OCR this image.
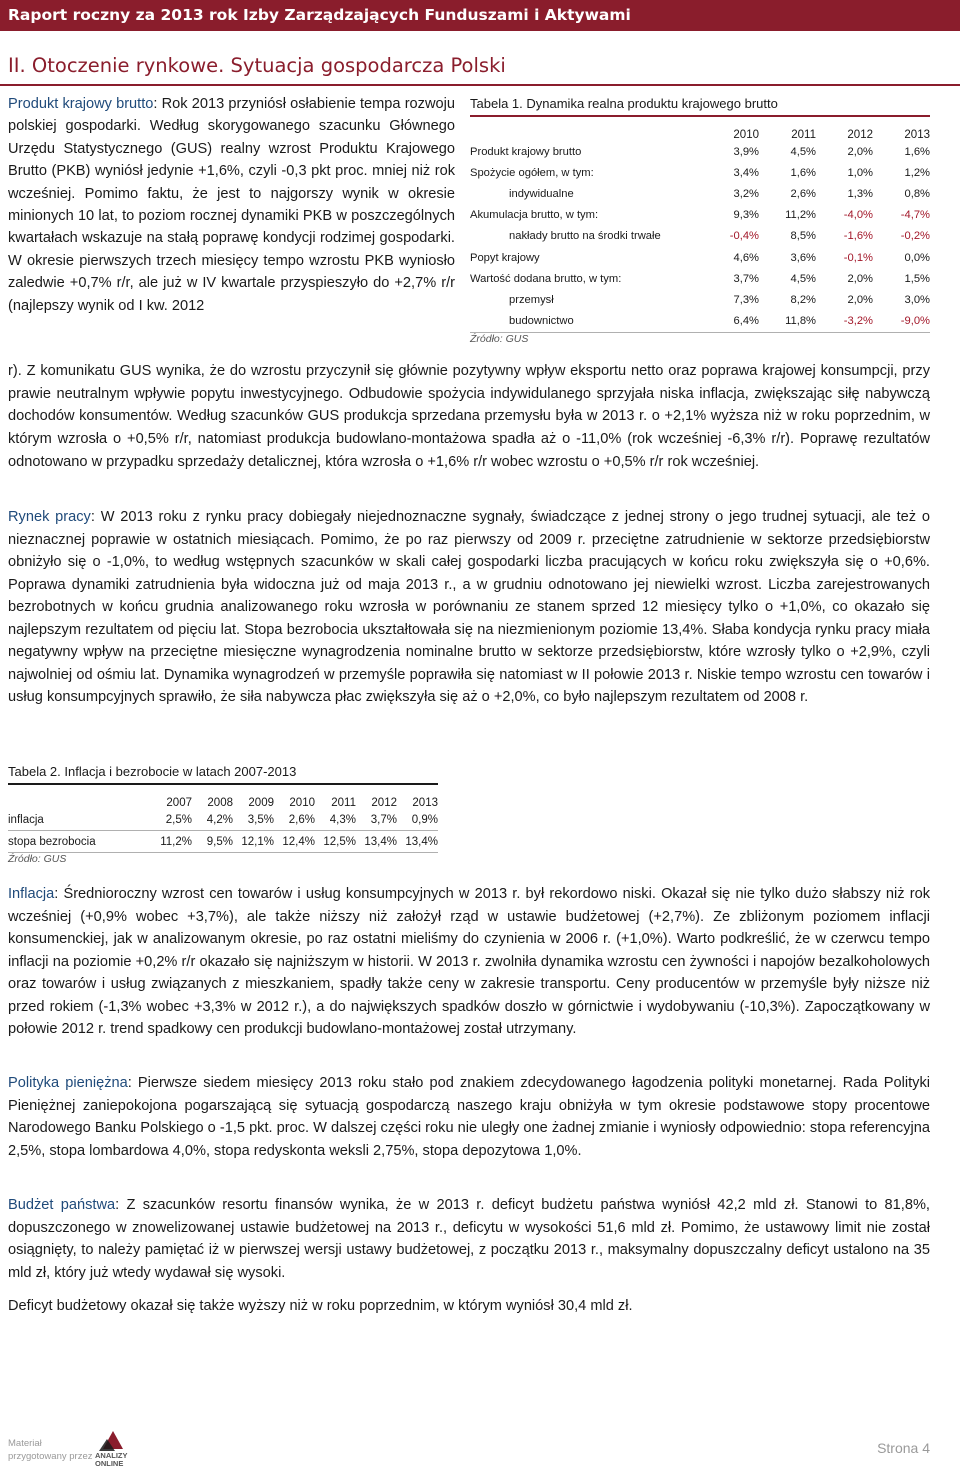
Raport roczny za 2013 rok Izby Zarządzających Funduszami i Aktywami
II. Otoczenie rynkowe. Sytuacja gospodarcza Polski

Produkt krajowy brutto: Rok 2013 przyniósł osłabienie tempa rozwoju polskiej gospodarki. Według skorygowanego szacunku Głównego Urzędu Statystycznego (GUS) realny wzrost Produktu Krajowego Brutto (PKB) wyniósł jedynie +1,6%, czyli -0,3 pkt proc. mniej niż rok wcześniej. Pomimo faktu, że jest to najgorszy wynik w okresie minionych 10 lat, to poziom rocznej dynamiki PKB w poszczególnych kwartałach wskazuje na stałą poprawę kondycji rodzimej gospodarki. W okresie pierwszych trzech miesięcy tempo wzrostu PKB wyniosło zaledwie +0,7% r/r, ale już w IV kwartale przyspieszyło do +2,7% r/r (najlepszy wynik od I kw. 2012

Tabela 1. Dynamika realna produktu krajowego brutto
2010	2011	2012	2013
Produkt krajowy brutto	3,9%	4,5%	2,0%	1,6%
Spożycie ogółem, w tym:	3,4%	1,6%	1,0%	1,2%
indywidualne	3,2%	2,6%	1,3%	0,8%
Akumulacja brutto, w tym:	9,3%	11,2%	-4,0%	-4,7%
nakłady brutto na środki trwałe	-0,4%	8,5%	-1,6%	-0,2%
Popyt krajowy	4,6%	3,6%	-0,1%	0,0%
Wartość dodana brutto, w tym:	3,7%	4,5%	2,0%	1,5%
przemysł	7,3%	8,2%	2,0%	3,0%
budownictwo	6,4%	11,8%	-3,2%	-9,0%
Źródło: GUS

r). Z komunikatu GUS wynika, że do wzrostu przyczynił się głównie pozytywny wpływ eksportu netto oraz poprawa krajowej konsumpcji, przy prawie neutralnym wpływie popytu inwestycyjnego. Odbudowie spożycia indywidulanego sprzyjała niska inflacja, zwiększając siłę nabywczą dochodów konsumentów. Według szacunków GUS produkcja sprzedana przemysłu była w 2013 r. o +2,1% wyższa niż w roku poprzednim, w którym wzrosła o +0,5% r/r, natomiast produkcja budowlano-montażowa spadła aż o -11,0% (rok wcześniej -6,3% r/r). Poprawę rezultatów odnotowano w przypadku sprzedaży detalicznej, która wzrosła o +1,6% r/r wobec wzrostu o +0,5% r/r rok wcześniej.

Rynek pracy: W 2013 roku z rynku pracy dobiegały niejednoznaczne sygnały, świadczące z jednej strony o jego trudnej sytuacji, ale też o nieznacznej poprawie w ostatnich miesiącach. Pomimo, że po raz pierwszy od 2009 r. przeciętne zatrudnienie w sektorze przedsiębiorstw obniżyło się o -1,0%, to według wstępnych szacunków w skali całej gospodarki liczba pracujących w końcu roku zwiększyła się o +0,6%. Poprawa dynamiki zatrudnienia była widoczna już od maja 2013 r., a w grudniu odnotowano jej niewielki wzrost. Liczba zarejestrowanych bezrobotnych w końcu grudnia analizowanego roku wzrosła w porównaniu ze stanem sprzed 12 miesięcy tylko o +1,0%, co okazało się najlepszym rezultatem od pięciu lat. Stopa bezrobocia ukształtowała się na niezmienionym poziomie 13,4%. Słaba kondycja rynku pracy miała negatywny wpływ na przeciętne miesięczne wynagrodzenia nominalne brutto w sektorze przedsiębiorstw, które wzrosły tylko o +2,9%, czyli najwolniej od ośmiu lat. Dynamika wynagrodzeń w przemyśle poprawiła się natomiast w II połowie 2013 r. Niskie tempo wzrostu cen towarów i usług konsumpcyjnych sprawiło, że siła nabywcza płac zwiększyła się aż o +2,0%, co było najlepszym rezultatem od 2008 r.

Tabela 2. Inflacja i bezrobocie w latach 2007-2013
2007	2008	2009	2010	2011	2012	2013
inflacja	2,5%	4,2%	3,5%	2,6%	4,3%	3,7%	0,9%
stopa bezrobocia	11,2%	9,5% 12,1% 12,4% 12,5% 13,4% 13,4%
Źródło: GUS

Inflacja: Średnioroczny wzrost cen towarów i usług konsumpcyjnych w 2013 r. był rekordowo niski. Okazał się nie tylko dużo słabszy niż rok wcześniej (+0,9% wobec +3,7%), ale także niższy niż założył rząd w ustawie budżetowej (+2,7%). Ze zbliżonym poziomem inflacji konsumenckiej, jak w analizowanym okresie, po raz ostatni mieliśmy do czynienia w 2006 r. (+1,0%). Warto podkreślić, że w czerwcu tempo inflacji na poziomie +0,2% r/r okazało się najniższym w historii. W 2013 r. zwolniła dynamika wzrostu cen żywności i napojów bezalkoholowych oraz towarów i usług związanych z mieszkaniem, spadły także ceny w zakresie transportu. Ceny producentów w przemyśle były niższe niż przed rokiem (-1,3% wobec +3,3% w 2012 r.), a do największych spadków doszło w górnictwie i wydobywaniu (-10,3%). Zapoczątkowany w połowie 2012 r. trend spadkowy cen produkcji budowlano-montażowej został utrzymany.

Polityka pieniężna: Pierwsze siedem miesięcy 2013 roku stało pod znakiem zdecydowanego łagodzenia polityki monetarnej. Rada Polityki Pieniężnej zaniepokojona pogarszającą się sytuacją gospodarczą naszego kraju obniżyła w tym okresie podstawowe stopy procentowe Narodowego Banku Polskiego o -1,5 pkt. proc. W dalszej części roku nie uległy one żadnej zmianie i wyniosły odpowiednio: stopa referencyjna 2,5%, stopa lombardowa 4,0%, stopa redyskonta weksli 2,75%, stopa depozytowa 1,0%.

Budżet państwa: Z szacunków resortu finansów wynika, że w 2013 r. deficyt budżetu państwa wyniósł 42,2 mld zł. Stanowi to 81,8%, dopuszczonego w znowelizowanej ustawie budżetowej na 2013 r., deficytu w wysokości 51,6 mld zł. Pomimo, że ustawowy limit nie został osiągnięty, to należy pamiętać iż w pierwszej wersji ustawy budżetowej, z początku 2013 r., maksymalny dopuszczalny deficyt ustalono na 35 mld zł, który już wtedy wydawał się wysoki.

Deficyt budżetowy okazał się także wyższy niż w roku poprzednim, w którym wyniósł 30,4 mld zł.

Materiał
przygotowany przez ANALIZY
ONLINE
Strona 4
